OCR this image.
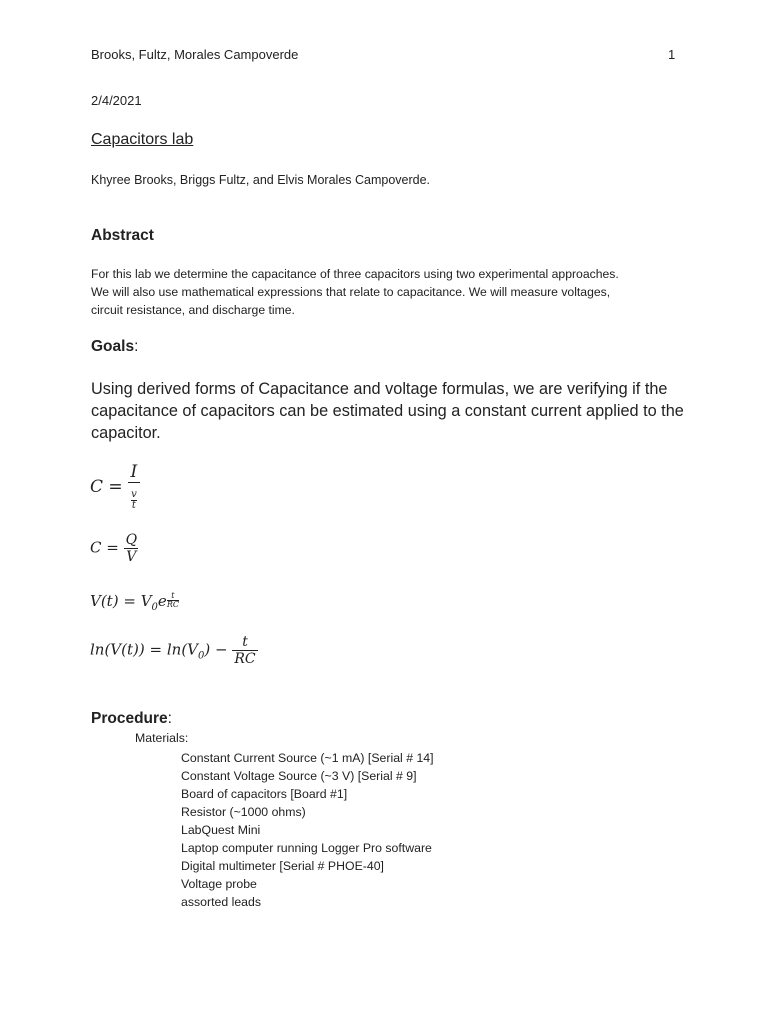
Brooks, Fultz, Morales Campoverde	1
2/4/2021
Capacitors lab
Khyree Brooks, Briggs Fultz, and Elvis Morales Campoverde.
Abstract
For this lab we determine the capacitance of three capacitors using two experimental approaches.
We will also use mathematical expressions that relate to capacitance. We will measure voltages,
circuit resistance, and discharge time.
Goals:
Using derived forms of Capacitance and voltage formulas, we are verifying if the
capacitance of capacitors can be estimated using a constant current applied to the
capacitor.
$C = \frac{I}{\frac{v}{t}}$
$C = \frac{Q}{V}$
$V(t) = V_0e \frac{t}{RC}$
$\ln(V(t)) = \ln(V_0) - \frac{t}{RC}$
Procedure:
Materials:
Constant Current Source (~1 mA) [Serial # 14]
Constant Voltage Source (~3 V) [Serial # 9]
Board of capacitors [Board #1]
Resistor (~1000 ohms)
LabQuest Mini
Laptop computer running Logger Pro software
Digital multimeter [Serial # PHOE-40]
Voltage probe
assorted leads
